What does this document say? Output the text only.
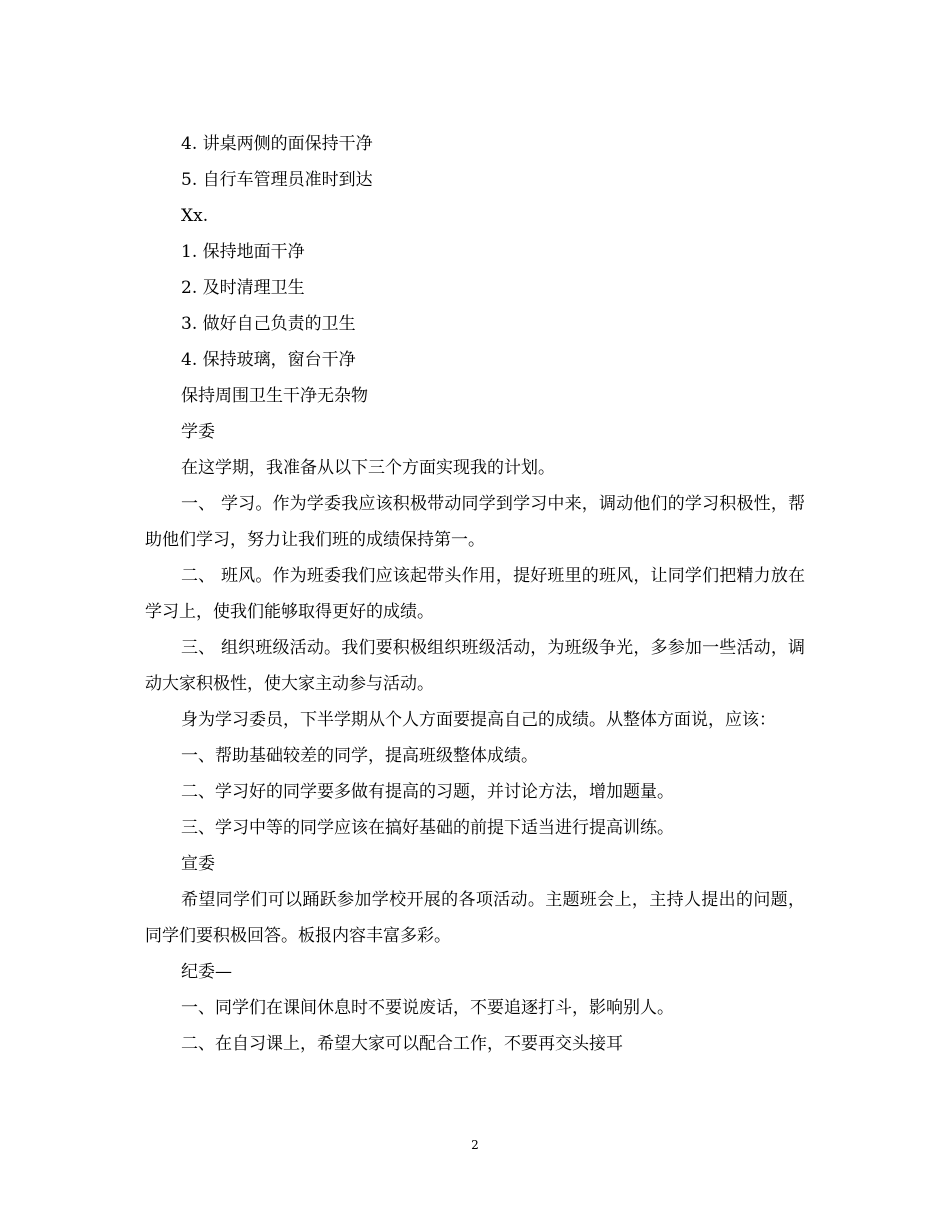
4. 讲桌两侧的面保持干净

5. 自行车管理员准时到达

Xx.

1. 保持地面干净

2. 及时清理卫生

3. 做好自己负责的卫生

4. 保持玻璃，窗台干净

保持周围卫生干净无杂物

学委

在这学期，我准备从以下三个方面实现我的计划。

一、 学习。作为学委我应该积极带动同学到学习中来，调动他们的学习积极性，帮助他们学习，努力让我们班的成绩保持第一。

二、 班风。作为班委我们应该起带头作用，提好班里的班风，让同学们把精力放在学习上，使我们能够取得更好的成绩。

三、 组织班级活动。我们要积极组织班级活动，为班级争光，多参加一些活动，调动大家积极性，使大家主动参与活动。

身为学习委员，下半学期从个人方面要提高自己的成绩。从整体方面说，应该：

一、帮助基础较差的同学，提高班级整体成绩。

二、学习好的同学要多做有提高的习题，并讨论方法，增加题量。

三、学习中等的同学应该在搞好基础的前提下适当进行提高训练。

宣委

希望同学们可以踊跃参加学校开展的各项活动。主题班会上，主持人提出的问题，同学们要积极回答。板报内容丰富多彩。

纪委—

一、同学们在课间休息时不要说废话，不要追逐打斗，影响别人。

二、在自习课上，希望大家可以配合工作，不要再交头接耳

2
